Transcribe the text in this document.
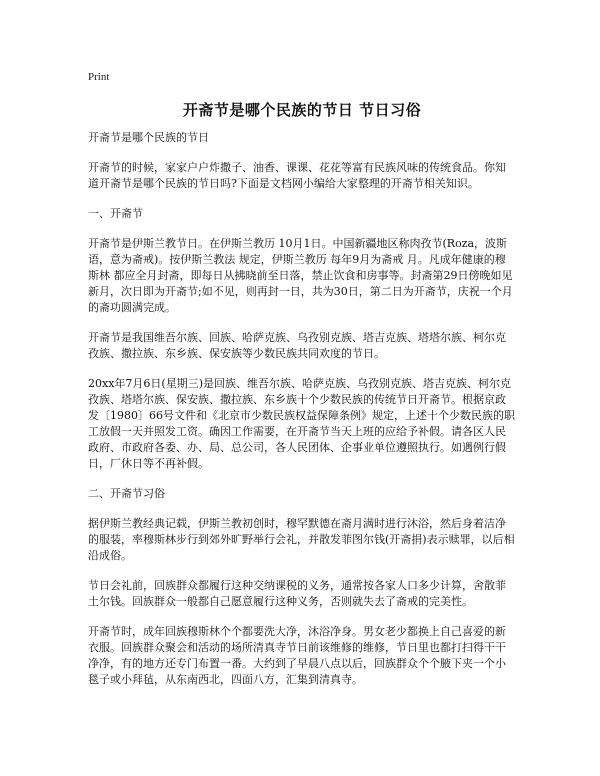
Print
开斋节是哪个民族的节日 节日习俗
开斋节是哪个民族的节日

开斋节的时候，家家户户炸撒子、油香、课课、花花等富有民族风味的传统食品。你知道开斋节是哪个民族的节日吗?下面是文档网小编给大家整理的开斋节相关知识。

一、开斋节

开斋节是伊斯兰教节日。在伊斯兰教历 10月1日。中国新疆地区称肉孜节(Roza，波斯语，意为斋戒)。按伊斯兰教法 规定，伊斯兰教历 每年9月为斋戒 月。凡成年健康的穆斯林 都应全月封斋，即每日从拂晓前至日落，禁止饮食和房事等。封斋第29日傍晚如见新月，次日即为开斋节;如不见，则再封一日，共为30日，第二日为开斋节，庆祝一个月的斋功圆满完成。

开斋节是我国维吾尔族、回族、哈萨克族、乌孜别克族、塔吉克族、塔塔尔族、柯尔克孜族、撒拉族、东乡族、保安族等少数民族共同欢度的节日。

20xx年7月6日(星期三)是回族、维吾尔族、哈萨克族、乌孜别克族、塔吉克族、柯尔克孜族、塔塔尔族、保安族、撒拉族、东乡族十个少数民族的传统节日开斋节。根据京政发〔1980〕66号文件和《北京市少数民族权益保障条例》规定，上述十个少数民族的职工放假一天并照发工资。确因工作需要，在开斋节当天上班的应给予补假。请各区人民政府、市政府各委、办、局、总公司，各人民团体、企事业单位遵照执行。如遇例行假日，厂休日等不再补假。

二、开斋节习俗

据伊斯兰教经典记载，伊斯兰教初创时，穆罕默德在斋月满时进行沐浴，然后身着洁净的服装，率穆斯林步行到郊外旷野举行会礼，并散发菲图尔钱(开斋捐)表示赎罪，以后相沿成俗。

节日会礼前，回族群众都履行这种交纳课税的义务，通常按各家人口多少计算，舍散菲土尔钱。回族群众一般都自己愿意履行这种义务，否则就失去了斋戒的完美性。

开斋节时，成年回族穆斯林个个都要洗大净，沐浴净身。男女老少都换上自己喜爱的新衣服。回族群众聚会和活动的场所清真寺节日前该维修的维修，节日里也都打扫得干干净净，有的地方还专门布置一番。大约到了早晨八点以后，回族群众个个腋下夹一个小毯子或小拜毡，从东南西北，四面八方，汇集到清真寺。
